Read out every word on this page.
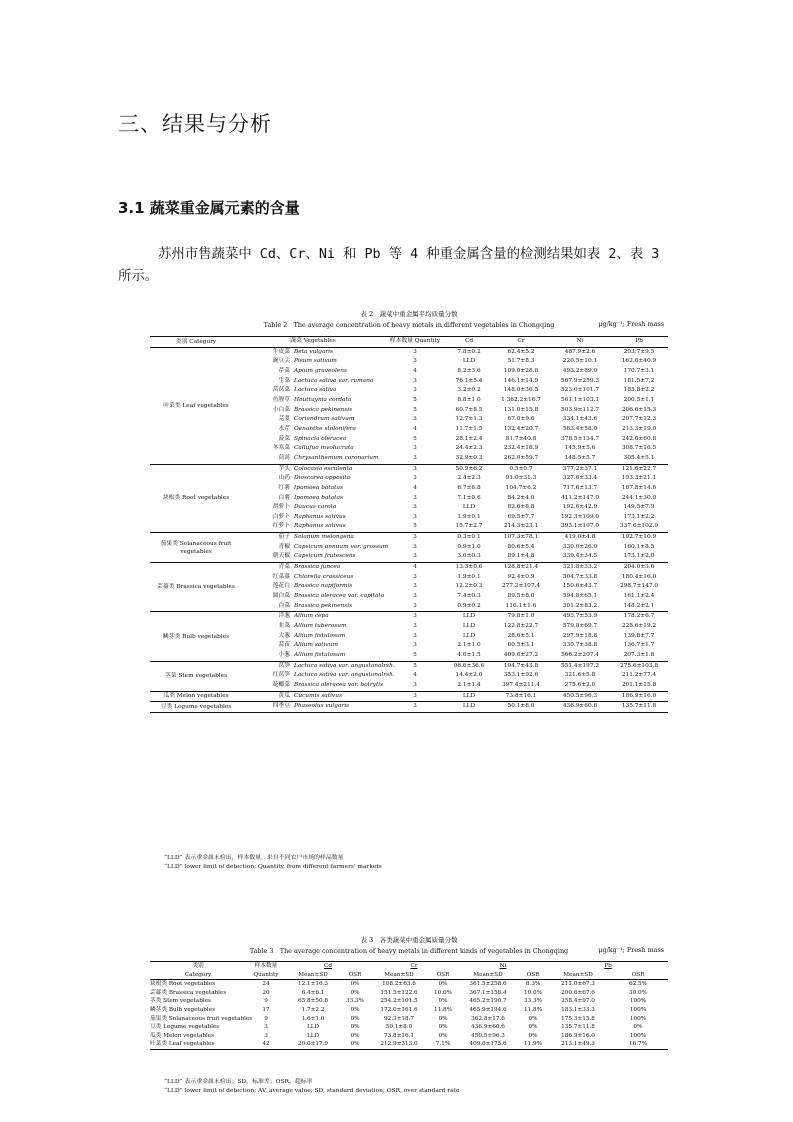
三、结果与分析
3.1 蔬菜重金属元素的含量
苏州市售蔬菜中 Cd、Cr、Ni 和 Pb 等 4 种重金属含量的检测结果如表 2、表 3 所示。
表 2　蔬菜中重金属平均质量分数
Table 2　The average concentration of heavy metals in different vegetables in Chongqing	μg/kg⁻¹; Fresh mass
类别 Category	蔬菜 Vegetables		样本数量 Quantity	Cd	Cr	Ni	Pb
叶菜类 Leaf vegetables	牛皮菜	Beta vulgaris	3	7.8±0.2	62.4±5.2	487.9±2.6	203.7±9.5
	豌豆尖	Pisum sativum	3	LLD	51.7±8.3	220.5±10.1	162.6±40.9
	芹菜	Apium graveolens	4	8.2±3.6	109.0±28.8	493.2±89.0	170.7±3.1
	生菜	Lactuca sativa var. romana	3	76.1±5.4	146.1±14.9	567.9±259.3	181.5±7.2
	莴莴菜	Lactuca sativa	3	3.2±0.2	148.0±36.5	523.0±101.7	185.8±2.2
	鱼腥草	Houttuynia cordata	5	8.8±1.0	1 362.2±16.7	561.1±103.1	200.5±1.1
	小白菜	Brassica pekinensis	5	60.7±8.5	131.0±15.8	503.9±112.7	206.6±15.3
	芫荽	Coriandrum sativum	3	12.7±1.3	67.0±9.6	334.1±43.6	207.7±12.3
	水芹	Oenanthe stolonifera	4	11.7±1.5	132.4±20.7	563.4±58.0	213.3±19.0
	菠菜	Spinacia oleracea	5	28.1±2.4	81.7±40.8	378.5±134.7	242.6±60.8
	冬寒菜	Callufuo involucrata	3	24.4±2.3	232.4±18.9	145.9±5.6	308.7±16.5
	茼蒿	Chrysanthemum coronarium	3	32.9±0.3	262.0±59.7	148.5±5.7	305.4±5.1
块根类 Root vegetables	芋头	Colocasia esculenta	3	50.9±6.2	0.5±0.7	377.2±37.1	121.6±22.7
	山药	Dioscorea opposita	3	2.4±2.3	91.0±31.3	327.6±33.4	193.3±21.1
	红薯	Ipomoea batatas	4	6.7±6.8	104.7±6.2	717.6±13.7	187.8±14.6
	白薯	Ipomoea batatas	3	7.1±0.6	84.2±4.0	411.2±147.0	244.1±30.0
	胡萝卜	Daucus carota	3	LLD	82.6±8.8	192.6±42.9	149.5±7.9
	白萝卜	Raphanus sativus	3	1.9±0.1	69.5±7.7	192.3±109.0	173.1±2.2
	红萝卜	Raphanus sativus	5	15.7±2.7	214.3±23.1	393.1±107.0	337.6±102.9
茄果类 Solanaceous fruit vegetables	茄子	Solanum melongena	3	0.3±0.1	107.3±78.1	419.0±4.8	192.7±10.9
	青椒	Capsicum annuum var. grossum	3	0.9±1.0	80.6±5.4	330.0±26.0	160.1±8.5
	朝天椒	Capsicum frutescens	3	3.6±0.3	89.1±4.8	339.4±34.5	173.1±2.0
芸薹类 Brassica vegetables	青菜	Brassica juncea	4	13.3±0.6	128.8±21.4	321.8±33.2	204.0±3.6
	红菜薹	Chlorella crassiceus	3	1.9±0.1	92.4±0.9	504.7±33.8	180.4±16.0
	莲花白	Brassica napiformis	3	12.2±0.3	277.2±107.4	150.6±43.7	298.7±147.0
	圆白菜	Brassica oleracea var. capitata	3	7.4±0.3	89.5±8.0	594.8±65.1	161.1±2.4
	白菜	Brassica pekinensis	3	0.9±0.2	116.1±1.6	301.2±83.2	148.2±2.1
鳞茎类 Bulb vegetables	洋葱	Allium cepa	3	LLD	79.8±1.0	493.7±53.9	178.2±6.7
	韭菜	Allium tuberosum	3	LLD	122.8±22.7	579.8±69.7	228.6±19.2
	大葱	Allium fistulosum	3	LLD	28.6±5.1	297.9±18.8	139.8±7.7
	蒜苗	Allium sativum	3	2.1±1.0	60.5±3.1	330.7±38.8	136.7±1.7
	小葱	Allium fistulosum	5	4.6±1.5	409.6±27.2	566.2±207.4	207.3±1.8
茎菜 Stem vegetables	莴笋	Lactuca sativa var. angustanalrsh.	5	96.6±36.6	194.7±43.8	551.4±197.2	275.6±103.8
	红莴笋	Lactuca sativa var. angustanalrsh.	4	14.4±2.0	353.1±92.6	321.6±5.8	211.2±77.4
	花椰菜	Brassica oleracea var. botrytis	3	2.1±1.4	397.4±211.4	275.6±2.0	201.1±15.8
瓜类 Melon vegetables	黄瓜	Cucumis sativus	3	LLD	73.8±16.1	450.5±96.3	186.9±16.0
豆类 Legume vegetables	四季豆	Phaseolus vulgaris	3	LLD	50.1±8.0	436.9±60.6	135.7±11.8
“LLD” 表示重金属未检出，样本数量，来自不同农户市场的样品数量
“LLD” lower limit of detection; Quantity, from different farmers' markets
表 3　各类蔬菜中重金属质量分数
Table 3　The average concentration of heavy metals in different kinds of vegetables in Chongqing	μg/kg⁻¹; Fresh mass
类别	样本数量	Cd		Cr		Ni		Pb	
Category	Quantity	Mean±SD	OSR	Mean±SD	OSR	Mean±SD	OSR	Mean±SD	OSR
块根类 Root vegetables	24	12.1±16.3	0%	108.2±63.6	0%	361.5±258.6	8.3%	211.0±67.3	62.5%
芸薹类 Brassica vegetables	20	6.4±6.1	0%	151.5±122.6	10.0%	367.1±158.4	10.0%	200.6±67.6	30.0%
茎类 Stem vegetables	9	65.8±50.8	33.3%	254.2±101.5	0%	465.2±190.7	33.3%	258.4±97.0	100%
鳞茎类 Bulb vegetables	17	1.7±2.2	0%	172.0±161.6	11.8%	465.9±194.6	11.8%	183.1±33.3	100%
茄果类 Solanaceous fruit vegetables	9	1.6±1.6	0%	92.3±18.7	0%	362.8±17.6	0%	175.3±15.8	100%
豆类 Legume vegetables	3	LLD	0%	50.1±8.0	0%	436.9±60.6	0%	135.7±11.8	0%
瓜类 Melon vegetables	3	LLD	0%	73.8±16.1	0%	450.5±96.3	0%	186.9±16.0	100%
叶菜类 Leaf vegetables	42	20.0±17.9	0%	212.9±313.0	7.1%	409.6±175.6	11.9%	213.1±49.3	16.7%
“LLD” 表示重金属未检出；SD，标准差；OSR，超标率
“LLD” lower limit of detection; AV, average value; SD, standard deviation; OSR, over standard rate
